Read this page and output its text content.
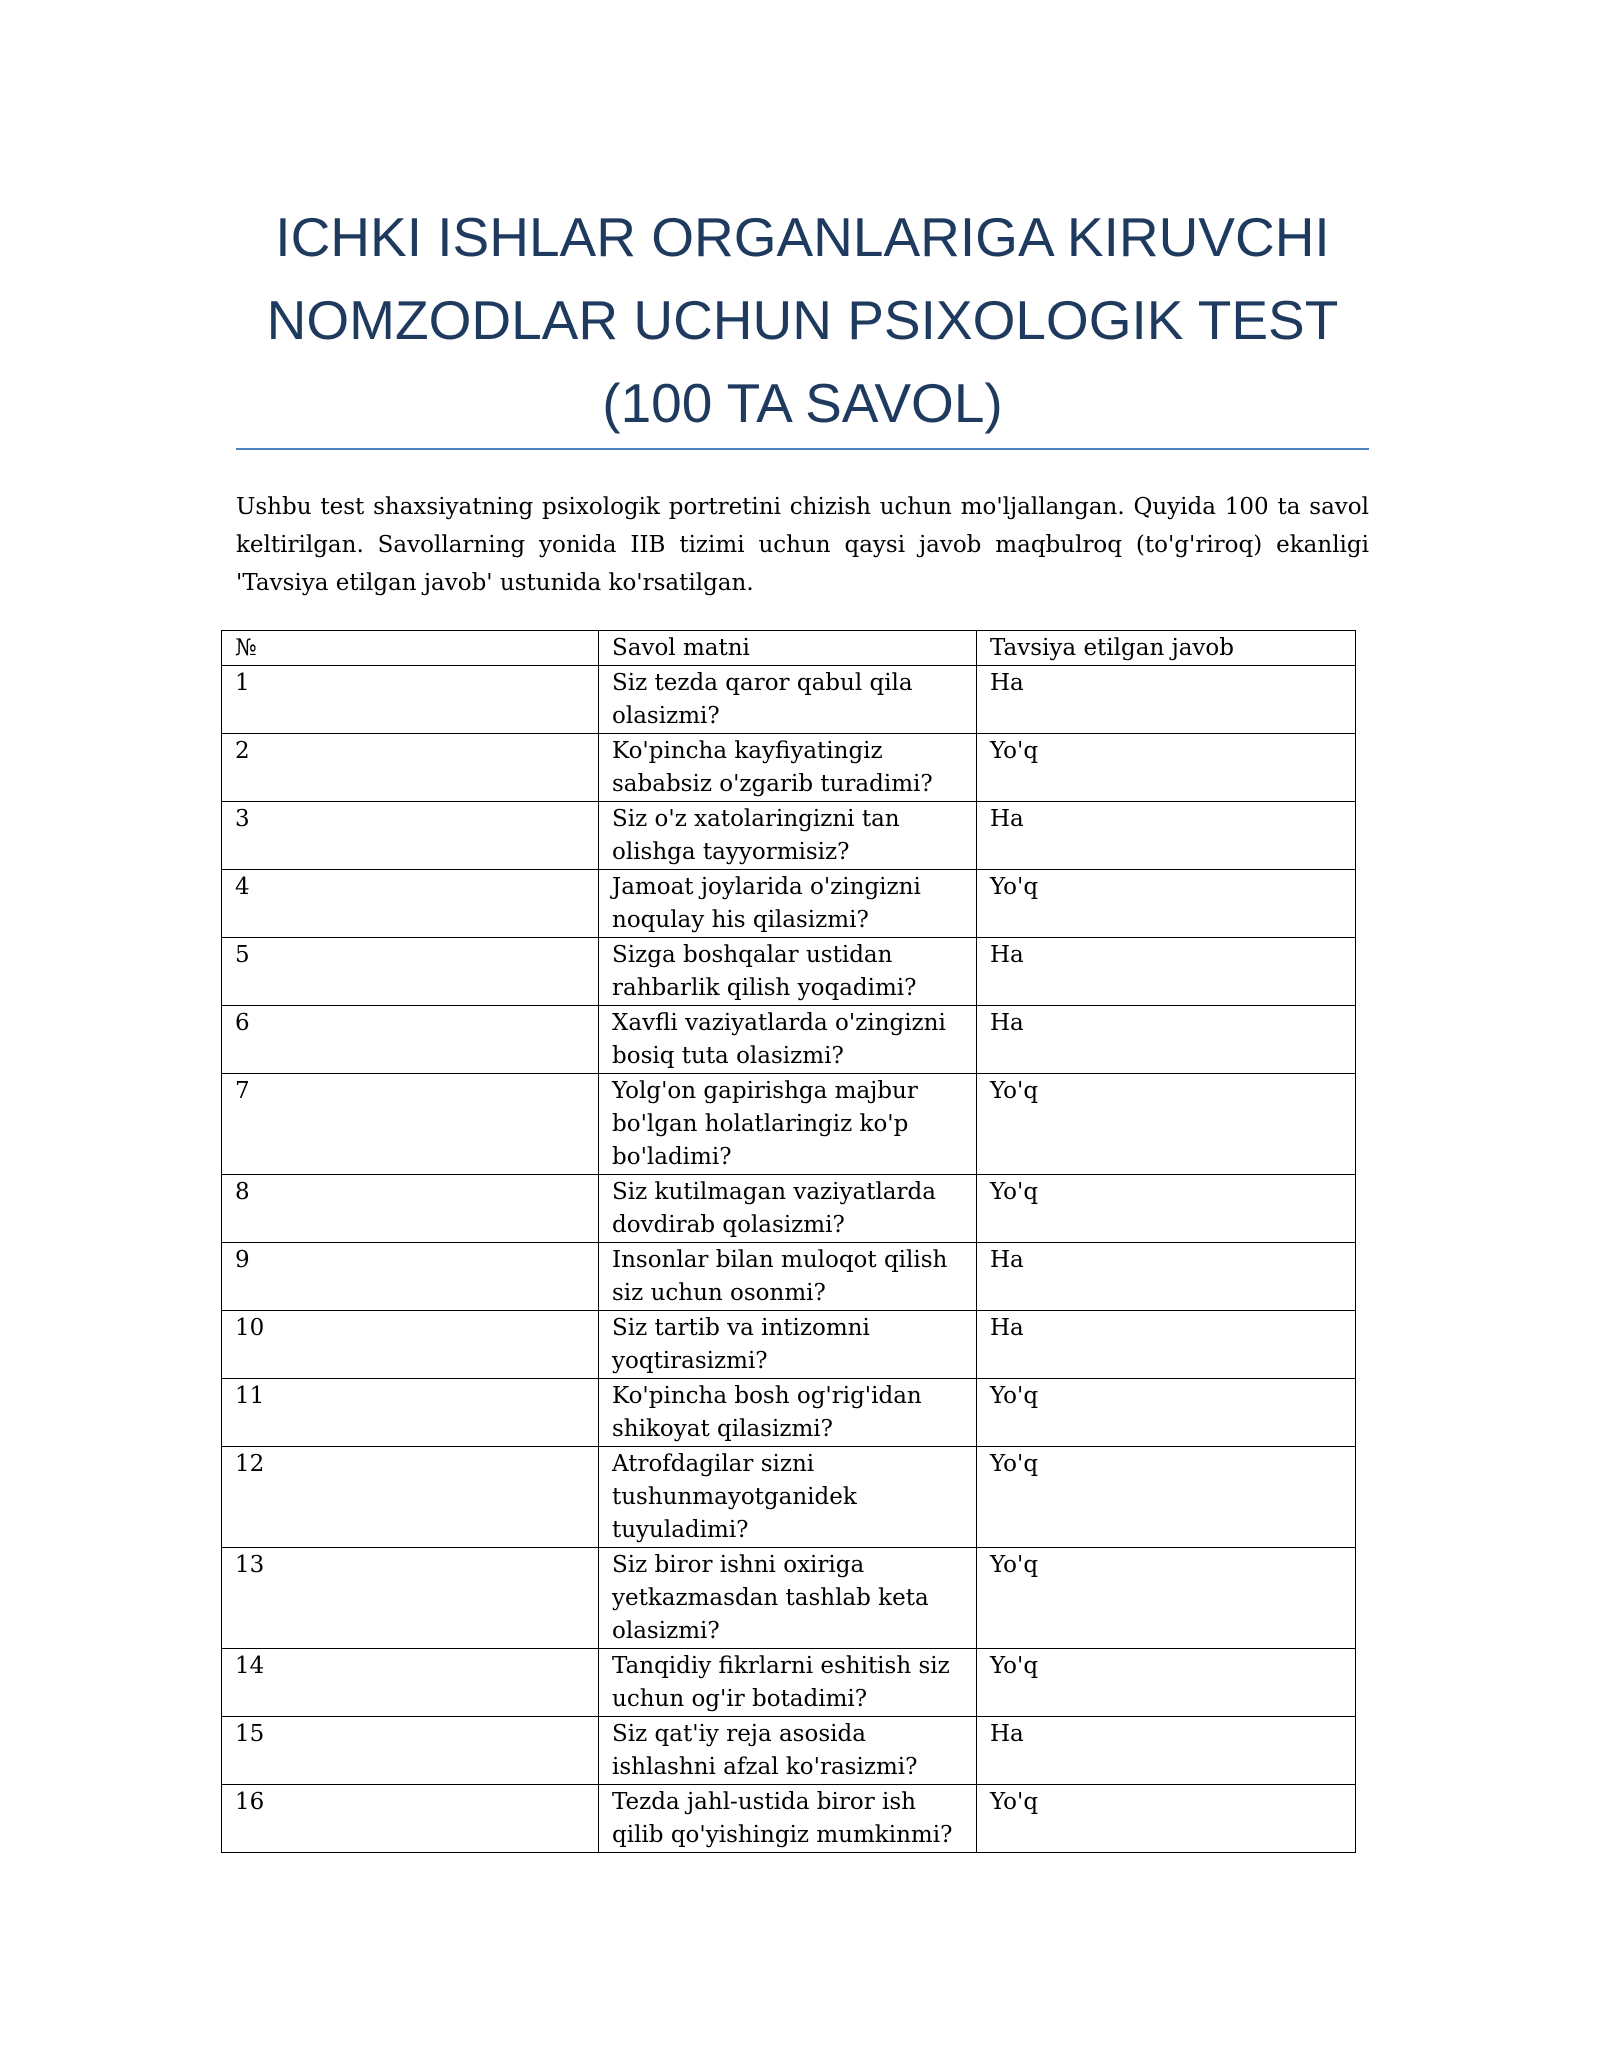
ICHKI ISHLAR ORGANLARIGA KIRUVCHI NOMZODLAR UCHUN PSIXOLOGIK TEST (100 TA SAVOL)

Ushbu test shaxsiyatning psixologik portretini chizish uchun mo'ljallangan. Quyida 100 ta savol keltirilgan. Savollarning yonida IIB tizimi uchun qaysi javob maqbulroq (to'g'riroq) ekanligi 'Tavsiya etilgan javob' ustunida ko'rsatilgan.

№	Savol matni	Tavsiya etilgan javob
1	Siz tezda qaror qabul qila olasizmi?	Ha
2	Ko'pincha kayfiyatingiz sababsiz o'zgarib turadimi?	Yo'q
3	Siz o'z xatolaringizni tan olishga tayyormisiz?	Ha
4	Jamoat joylarida o'zingizni noqulay his qilasizmi?	Yo'q
5	Sizga boshqalar ustidan rahbarlik qilish yoqadimi?	Ha
6	Xavfli vaziyatlarda o'zingizni bosiq tuta olasizmi?	Ha
7	Yolg'on gapirishga majbur bo'lgan holatlaringiz ko'p bo'ladimi?	Yo'q
8	Siz kutilmagan vaziyatlarda dovdirab qolasizmi?	Yo'q
9	Insonlar bilan muloqot qilish siz uchun osonmi?	Ha
10	Siz tartib va intizomni yoqtirasizmi?	Ha
11	Ko'pincha bosh og'rig'idan shikoyat qilasizmi?	Yo'q
12	Atrofdagilar sizni tushunmayotganidek tuyuladimi?	Yo'q
13	Siz biror ishni oxiriga yetkazmasdan tashlab keta olasizmi?	Yo'q
14	Tanqidiy fikrlarni eshitish siz uchun og'ir botadimi?	Yo'q
15	Siz qat'iy reja asosida ishlashni afzal ko'rasizmi?	Ha
16	Tezda jahl-ustida biror ish qilib qo'yishingiz mumkinmi?	Yo'q
